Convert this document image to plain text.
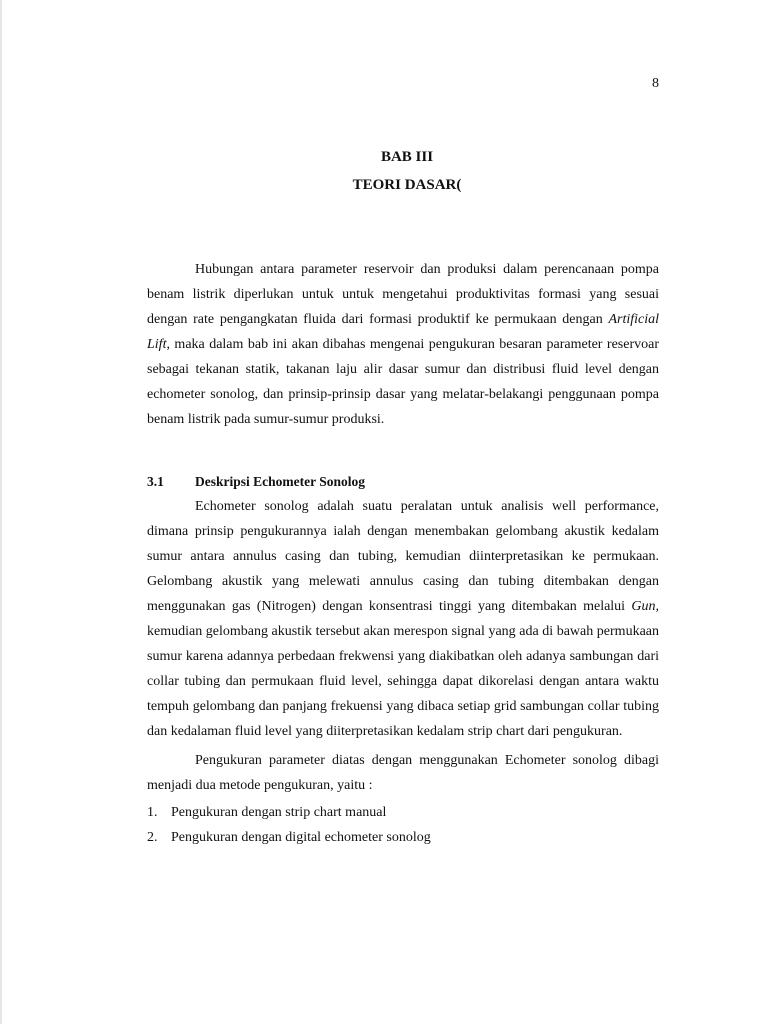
8

BAB III

TEORI DASAR(

Hubungan antara parameter reservoir dan produksi dalam perencanaan pompa benam listrik diperlukan untuk untuk mengetahui produktivitas formasi yang sesuai dengan rate pengangkatan fluida dari formasi produktif ke permukaan dengan Artificial Lift, maka dalam bab ini akan dibahas mengenai pengukuran besaran parameter reservoar sebagai tekanan statik, takanan laju alir dasar sumur dan distribusi fluid level dengan echometer sonolog, dan prinsip-prinsip dasar yang melatar-belakangi penggunaan pompa benam listrik pada sumur-sumur produksi.

3.1	Deskripsi Echometer Sonolog

Echometer sonolog adalah suatu peralatan untuk analisis well performance, dimana prinsip pengukurannya ialah dengan menembakan gelombang akustik kedalam sumur antara annulus casing dan tubing, kemudian diinterpretasikan ke permukaan. Gelombang akustik yang melewati annulus casing dan tubing ditembakan dengan menggunakan gas (Nitrogen) dengan konsentrasi tinggi yang ditembakan melalui Gun, kemudian gelombang akustik tersebut akan merespon signal yang ada di bawah permukaan sumur karena adannya perbedaan frekwensi yang diakibatkan oleh adanya sambungan dari collar tubing dan permukaan fluid level, sehingga dapat dikorelasi dengan antara waktu tempuh gelombang dan panjang frekuensi yang dibaca setiap grid sambungan collar tubing dan kedalaman fluid level yang diiterpretasikan kedalam strip chart dari pengukuran.

Pengukuran parameter diatas dengan menggunakan Echometer sonolog dibagi menjadi dua metode pengukuran, yaitu :

1. Pengukuran dengan strip chart manual
2. Pengukuran dengan digital echometer sonolog
